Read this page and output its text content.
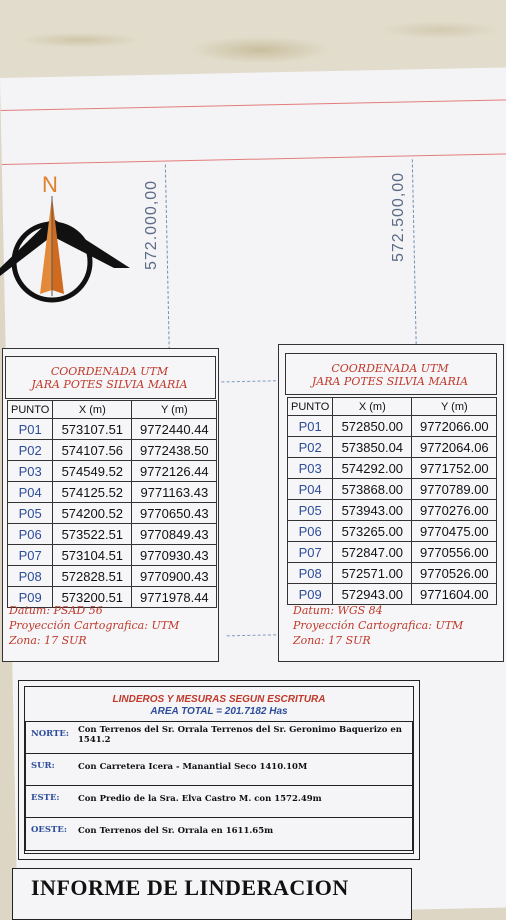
572.000,00	572.500,00
N
COORDENADA UTM
JARA POTES SILVIA MARIA
PUNTO	X (m)	Y (m)
P01	573107.51	9772440.44
P02	574107.56	9772438.50
P03	574549.52	9772126.44
P04	574125.52	9771163.43
P05	574200.52	9770650.43
P06	573522.51	9770849.43
P07	573104.51	9770930.43
P08	572828.51	9770900.43
P09	573200.51	9771978.44
Datum: PSAD 56
Proyección Cartografica: UTM
Zona: 17 SUR
COORDENADA UTM
JARA POTES SILVIA MARIA
PUNTO	X (m)	Y (m)
P01	572850.00	9772066.00
P02	573850.04	9772064.06
P03	574292.00	9771752.00
P04	573868.00	9770789.00
P05	573943.00	9770276.00
P06	573265.00	9770475.00
P07	572847.00	9770556.00
P08	572571.00	9770526.00
P09	572943.00	9771604.00
Datum: WGS 84
Proyección Cartografica: UTM
Zona: 17 SUR
LINDEROS Y MESURAS SEGUN ESCRITURA
AREA TOTAL = 201.7182 Has
NORTE: Con Terrenos del Sr. Orrala Terrenos del Sr. Geronimo Baquerizo en 1541.2
SUR:	Con Carretera Icera - Manantial Seco 1410.10M
ESTE: Con Predio de la Sra. Elva Castro M. con 1572.49m
OESTE: Con Terrenos del Sr. Orrala en 1611.65m
INFORME DE LINDERACION
